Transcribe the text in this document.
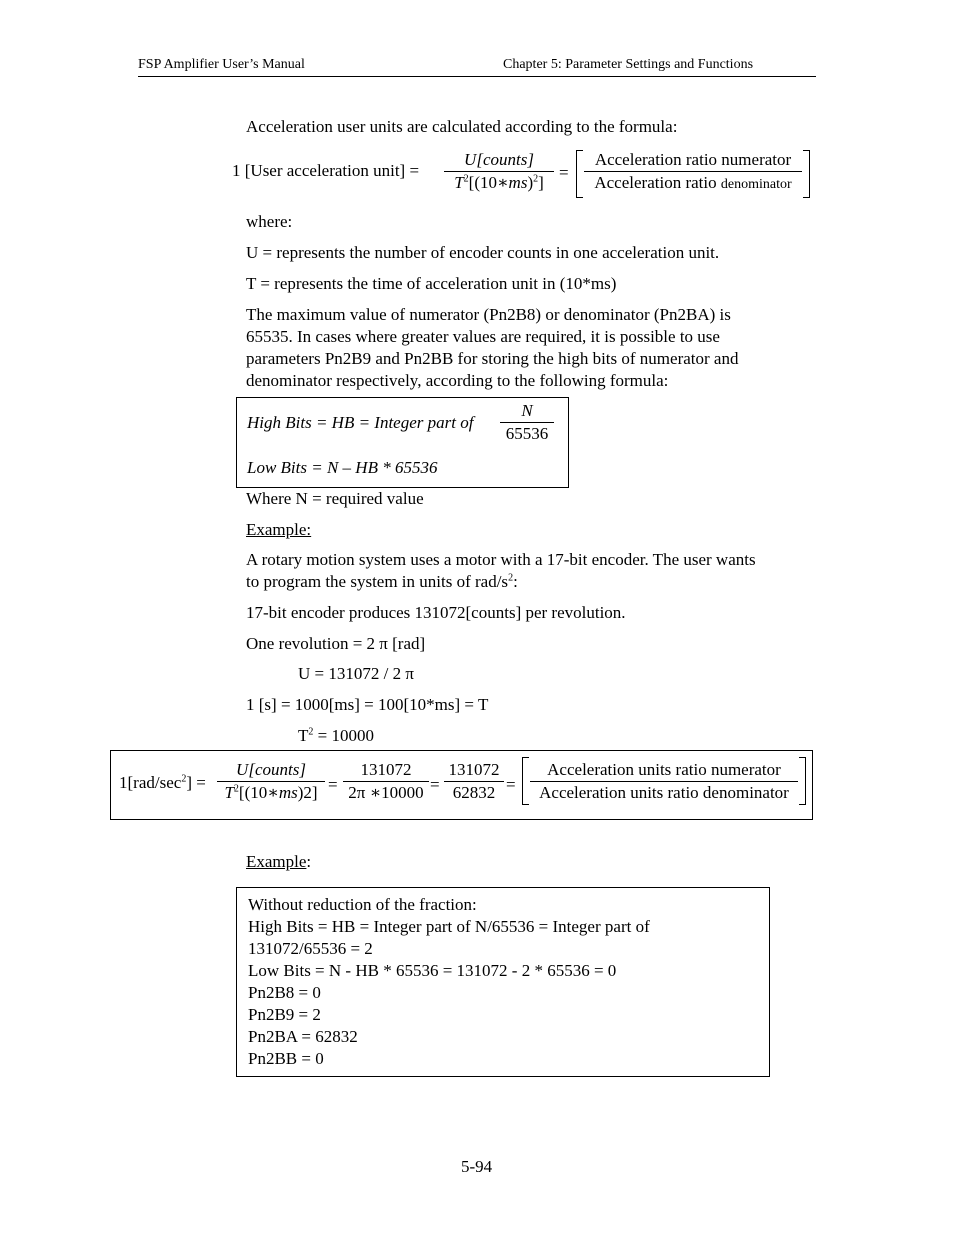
FSP Amplifier User’s Manual	Chapter 5: Parameter Settings and Functions
Acceleration user units are calculated according to the formula:
1 [User acceleration unit] =
U[counts]
$T^2[(10∗ms)^2]$
=
Acceleration ratio numerator
Acceleration ratio denominator
where:
U = represents the number of encoder counts in one acceleration unit.
T = represents the time of acceleration unit in (10*ms)
The maximum value of numerator (Pn2B8) or denominator (Pn2BA) is
65535. In cases where greater values are required, it is possible to use
parameters Pn2B9 and Pn2BB for storing the high bits of numerator and
denominator respectively, according to the following formula:
High Bits = HB = Integer part of
N
65536
Low Bits = N – HB * 65536
Where N = required value
Example:
A rotary motion system uses a motor with a 17-bit encoder. The user wants
to program the system in units of rad/$s^2$:
17-bit encoder produces 131072[counts] per revolution.
One revolution = 2 π [rad]
U = 131072 / 2 π
1 [s] = 1000[ms] = 100[10*ms] = T
$T^2 = 10000$
$1[rad/\sec^2]$ =
U[counts]
$T^2[(10∗ms)2]$ =
131072
2π ∗10000 =
131072
62832 =
Acceleration units ratio numerator
Acceleration units ratio denominator
Example:
Without reduction of the fraction:
High Bits = HB = Integer part of N/65536 = Integer part of
131072/65536 = 2
Low Bits = N - HB * 65536 = 131072 - 2 * 65536 = 0
Pn2B8 = 0
Pn2B9 = 2
Pn2BA = 62832
Pn2BB = 0
5-94
